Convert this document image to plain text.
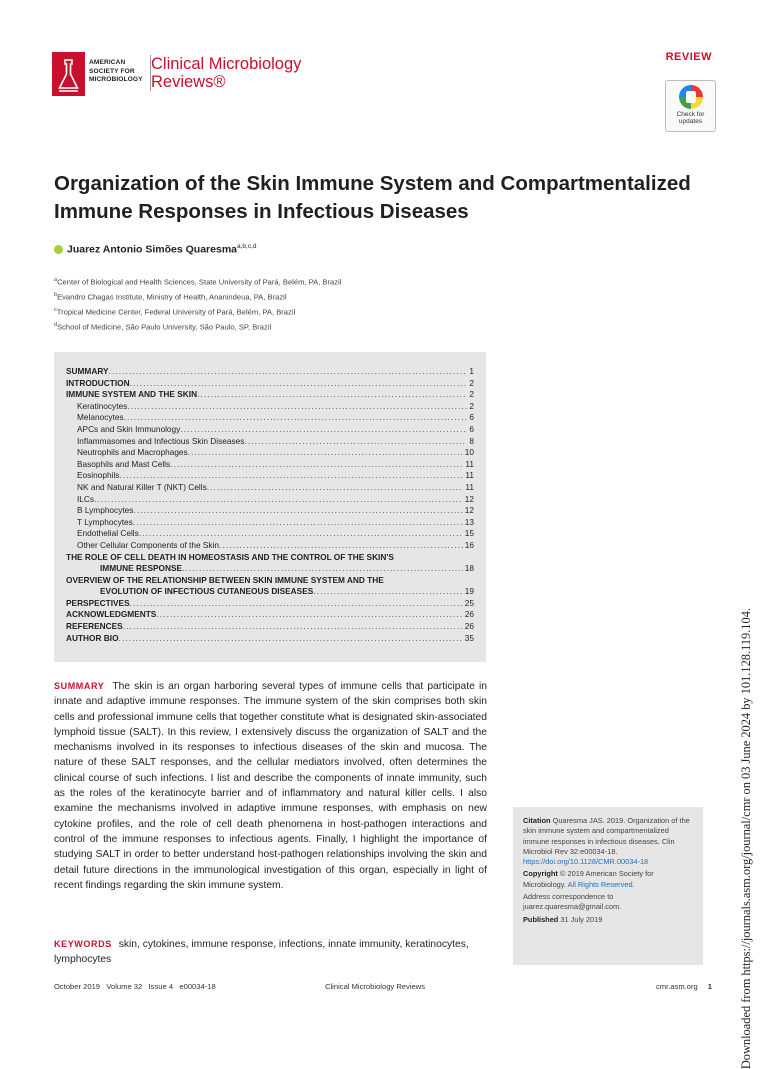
AMERICAN
SOCIETY FOR
MICROBIOLOGY
Clinical Microbiology
Reviews®
REVIEW
Check for
updates
Organization of the Skin Immune System and Compartmentalized Immune Responses in Infectious Diseases
Juarez Antonio Simões Quaresma$^{a,b,c,d}$
$^a$Center of Biological and Health Sciences, State University of Pará, Belém, PA, Brazil
$^b$Evandro Chagas Institute, Ministry of Health, Ananindeua, PA, Brazil
$^c$Tropical Medicine Center, Federal University of Pará, Belém, PA, Brazil
$^d$School of Medicine, São Paulo University, São Paulo, SP, Brazil
SUMMARY . . .	1
INTRODUCTION . . .	2
IMMUNE SYSTEM AND THE SKIN . . .	2
Keratinocytes . . .	2
Melanocytes . . .	6
APCs and Skin Immunology . . .	6
Inflammasomes and Infectious Skin Diseases . . .	8
Neutrophils and Macrophages . . .	10
Basophils and Mast Cells . . .	11
Eosinophils . . .	11
NK and Natural Killer T (NKT) Cells . . .	11
ILCs . . .	12
B Lymphocytes . . .	12
T Lymphocytes . . .	13
Endothelial Cells . . .	15
Other Cellular Components of the Skin . . .	16
THE ROLE OF CELL DEATH IN HOMEOSTASIS AND THE CONTROL OF THE SKIN'S
IMMUNE RESPONSE . . .	18
OVERVIEW OF THE RELATIONSHIP BETWEEN SKIN IMMUNE SYSTEM AND THE
EVOLUTION OF INFECTIOUS CUTANEOUS DISEASES . . .	19
PERSPECTIVES . . .	25
ACKNOWLEDGMENTS . . .	26
REFERENCES . . .	26
AUTHOR BIO . . .	35
SUMMARY The skin is an organ harboring several types of immune cells that participate in innate and adaptive immune responses. The immune system of the skin comprises both skin cells and professional immune cells that together constitute what is designated skin-associated lymphoid tissue (SALT). In this review, I extensively discuss the organization of SALT and the mechanisms involved in its responses to infectious diseases of the skin and mucosa. The nature of these SALT responses, and the cellular mediators involved, often determines the clinical course of such infections. I list and describe the components of innate immunity, such as the roles of the keratinocyte barrier and of inflammatory and natural killer cells. I also examine the mechanisms involved in adaptive immune responses, with emphasis on new cytokine profiles, and the role of cell death phenomena in host-pathogen interactions and control of the immune responses to infectious agents. Finally, I highlight the importance of studying SALT in order to better understand host-pathogen relationships involving the skin and detail future directions in the immunological investigation of this organ, especially in light of recent findings regarding the skin immune system.
KEYWORDS skin, cytokines, immune response, infections, innate immunity, keratinocytes, lymphocytes

Citation Quaresma JAS. 2019. Organization of the skin immune system and compartmentalized immune responses in infectious diseases. Clin Microbiol Rev 32:e00034-18. https://doi.org/10.1128/CMR.00034-18

Copyright © 2019 American Society for Microbiology. All Rights Reserved.

Address correspondence to juarez.quaresma@gmail.com.

Published 31 July 2019

October 2019   Volume 32   Issue 4   e00034-18	Clinical Microbiology Reviews	cmr.asm.org 1 Downloaded from https://journals.asm.org/journal/cmr on 03 June 2024 by 101.128.119.104.
